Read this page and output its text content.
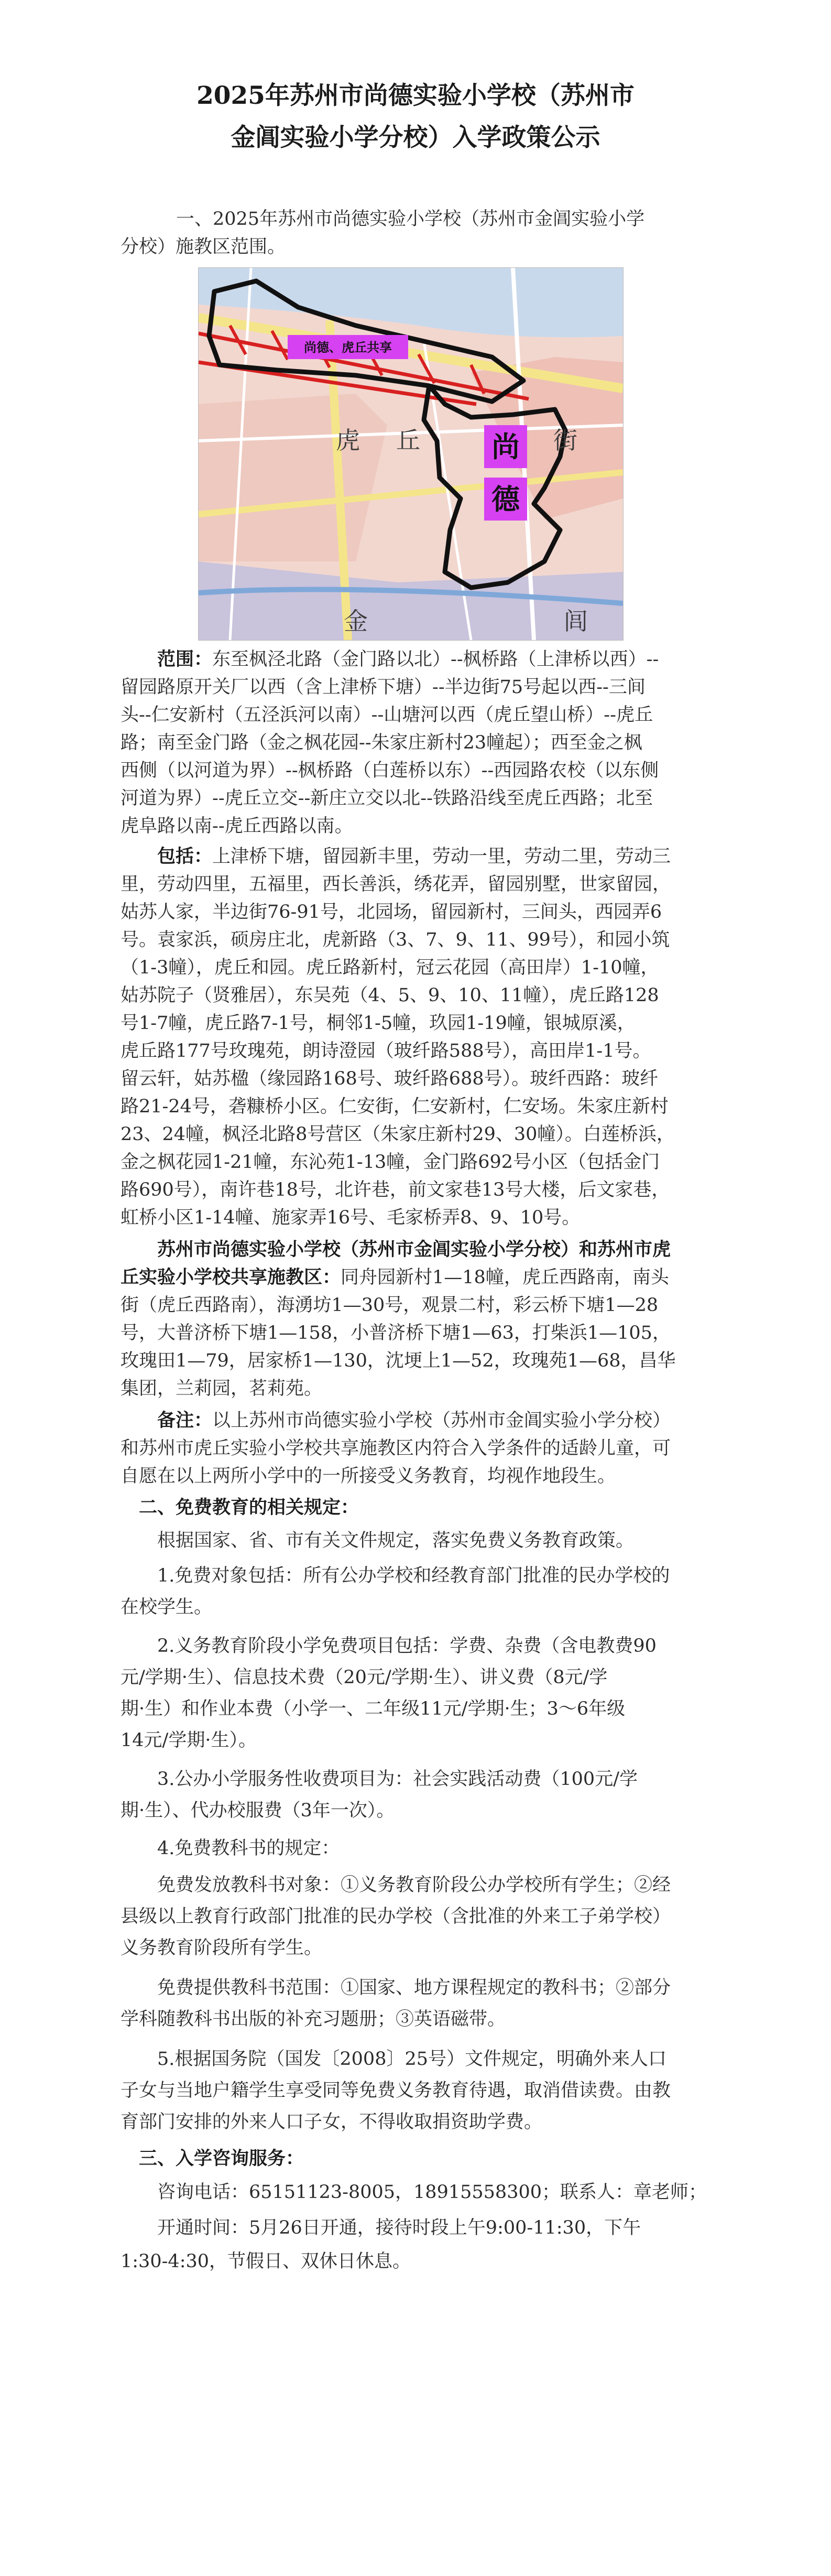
2025年苏州市尚德实验小学校（苏州市
金阊实验小学分校）入学政策公示
一、2025年苏州市尚德实验小学校（苏州市金阊实验小学
分校）施教区范围。
尚德、虎丘共享
尚
德
虎 丘	街
金	闾
范围：东至枫泾北路（金门路以北）--枫桥路（上津桥以西）--
留园路原开关厂以西（含上津桥下塘）--半边街75号起以西--三间
头--仁安新村（五泾浜河以南）--山塘河以西（虎丘望山桥）--虎丘
路；南至金门路（金之枫花园--朱家庄新村23幢起）；西至金之枫
西侧（以河道为界）--枫桥路（白莲桥以东）--西园路农校（以东侧
河道为界）--虎丘立交--新庄立交以北--铁路沿线至虎丘西路；北至
虎阜路以南--虎丘西路以南。
包括：上津桥下塘，留园新丰里，劳动一里，劳动二里，劳动三
里，劳动四里，五福里，西长善浜，绣花弄，留园别墅，世家留园，
姑苏人家，半边街76-91号，北园场，留园新村，三间头，西园弄6
号。袁家浜，硕房庄北，虎新路（3、7、9、11、99号），和园小筑
（1-3幢），虎丘和园。虎丘路新村，冠云花园（高田岸）1-10幢，
姑苏院子（贤雅居），东吴苑（4、5、9、10、11幢），虎丘路128
号1-7幢，虎丘路7-1号，桐邻1-5幢，玖园1-19幢，银城原溪，
虎丘路177号玫瑰苑，朗诗澄园（玻纤路588号），高田岸1-1号。
留云轩，姑苏楹（缘园路168号、玻纤路688号）。玻纤西路：玻纤
路21-24号，砻糠桥小区。仁安街，仁安新村，仁安场。朱家庄新村
23、24幢，枫泾北路8号营区（朱家庄新村29、30幢）。白莲桥浜，
金之枫花园1-21幢，东沁苑1-13幢，金门路692号小区（包括金门
路690号），南许巷18号，北许巷，前文家巷13号大楼，后文家巷，
虹桥小区1-14幢、施家弄16号、毛家桥弄8、9、10号。
苏州市尚德实验小学校（苏州市金阊实验小学分校）和苏州市虎
丘实验小学校共享施教区：同舟园新村1—18幢，虎丘西路南，南头
街（虎丘西路南），海湧坊1—30号，观景二村，彩云桥下塘1—28
号，大普济桥下塘1—158，小普济桥下塘1—63，打柴浜1—105，
玫瑰田1—79，居家桥1—130，沈埂上1—52，玫瑰苑1—68，昌华
集团，兰莉园，茗莉苑。
备注：以上苏州市尚德实验小学校（苏州市金阊实验小学分校）
和苏州市虎丘实验小学校共享施教区内符合入学条件的适龄儿童，可
自愿在以上两所小学中的一所接受义务教育，均视作地段生。
二、免费教育的相关规定：
根据国家、省、市有关文件规定，落实免费义务教育政策。
1.免费对象包括：所有公办学校和经教育部门批准的民办学校的
在校学生。
2.义务教育阶段小学免费项目包括：学费、杂费（含电教费90
元/学期·生）、信息技术费（20元/学期·生）、讲义费（8元/学
期·生）和作业本费（小学一、二年级11元/学期·生；3～6年级
14元/学期·生）。
3.公办小学服务性收费项目为：社会实践活动费（100元/学
期·生）、代办校服费（3年一次）。
4.免费教科书的规定：
免费发放教科书对象：①义务教育阶段公办学校所有学生；②经
县级以上教育行政部门批准的民办学校（含批准的外来工子弟学校）
义务教育阶段所有学生。
免费提供教科书范围：①国家、地方课程规定的教科书；②部分
学科随教科书出版的补充习题册；③英语磁带。
5.根据国务院（国发〔2008〕25号）文件规定，明确外来人口
子女与当地户籍学生享受同等免费义务教育待遇，取消借读费。由教
育部门安排的外来人口子女，不得收取捐资助学费。
三、入学咨询服务：
咨询电话：65151123-8005，18915558300；联系人：章老师；
开通时间：5月26日开通，接待时段上午9:00-11:30，下午
1:30-4:30，节假日、双休日休息。
